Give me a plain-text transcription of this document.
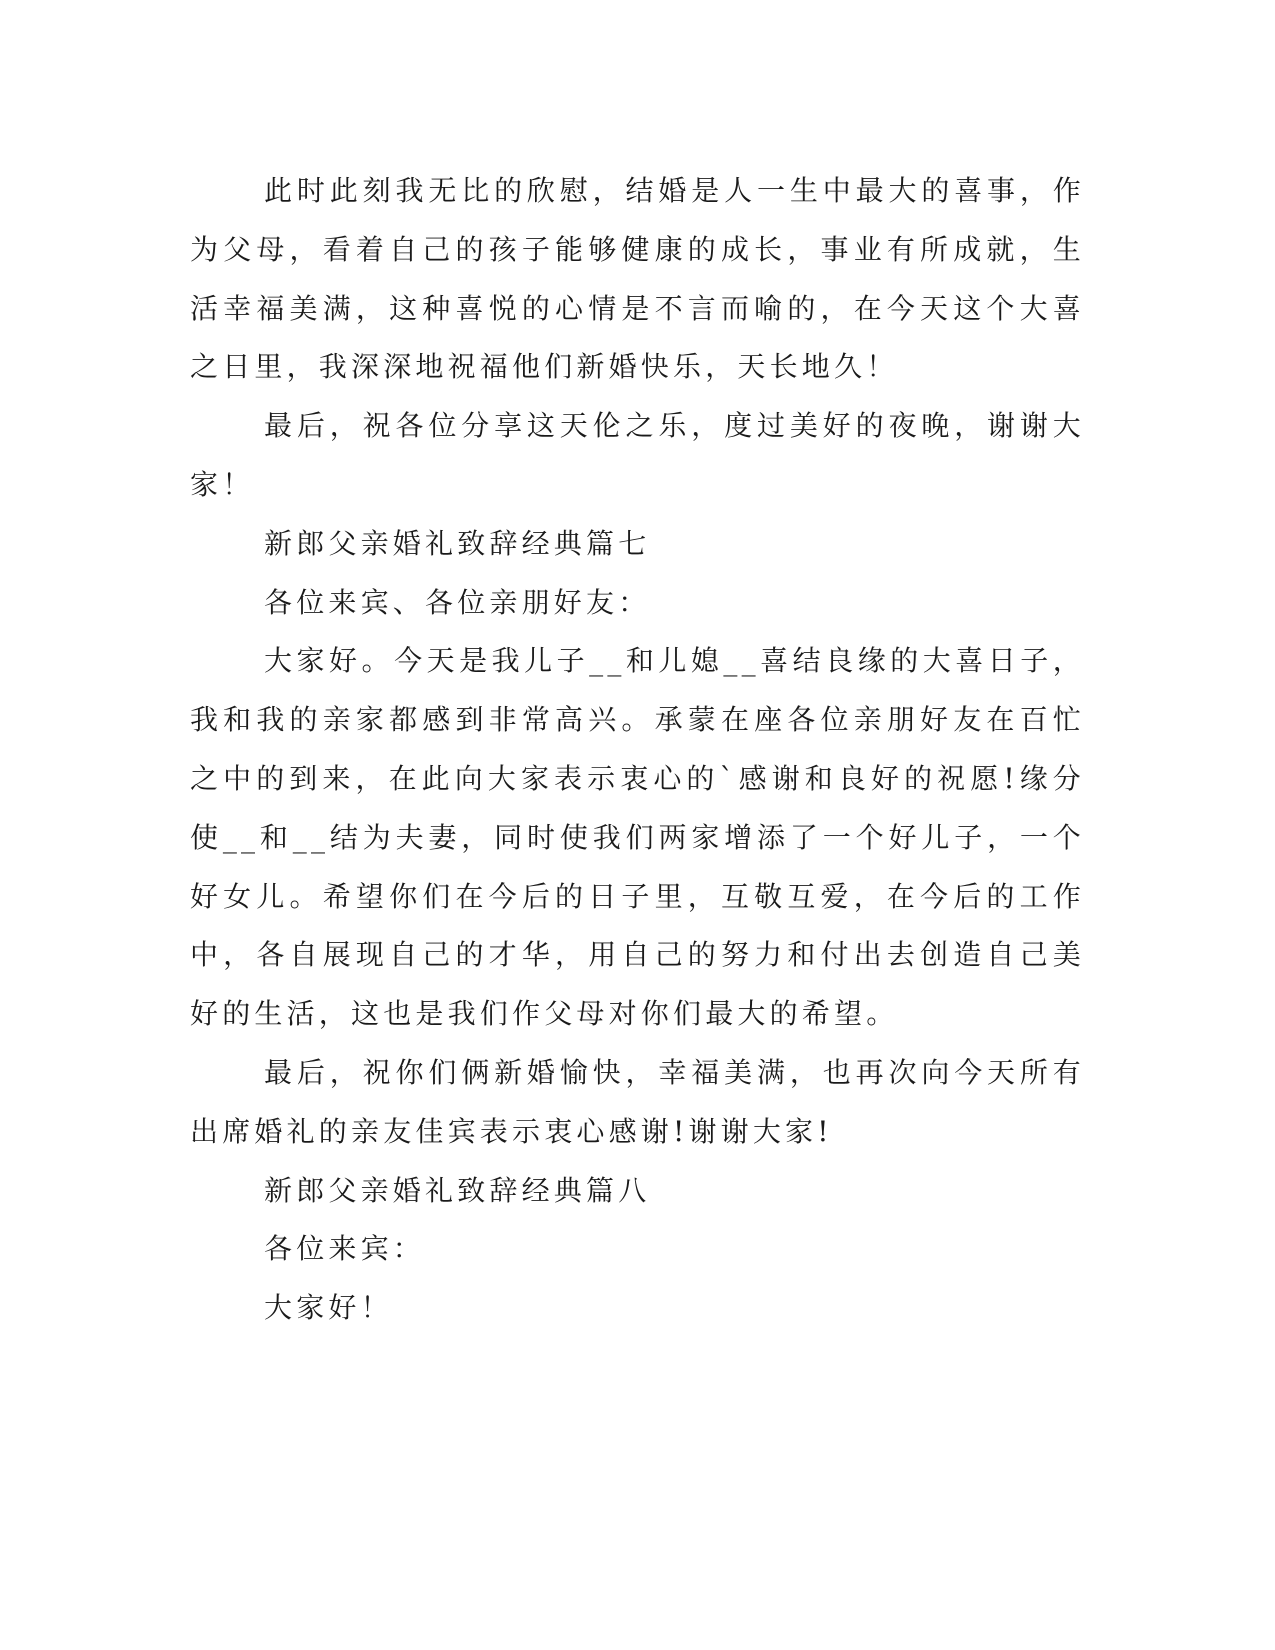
此时此刻我无比的欣慰，结婚是人一生中最大的喜事，作为父母，看着自己的孩子能够健康的成长，事业有所成就，生活幸福美满，这种喜悦的心情是不言而喻的，在今天这个大喜之日里，我深深地祝福他们新婚快乐，天长地久！

最后，祝各位分享这天伦之乐，度过美好的夜晚，谢谢大家！

新郎父亲婚礼致辞经典篇七

各位来宾、各位亲朋好友：

大家好。今天是我儿子__和儿媳__喜结良缘的大喜日子，我和我的亲家都感到非常高兴。承蒙在座各位亲朋好友在百忙之中的到来，在此向大家表示衷心的`感谢和良好的祝愿!缘分使__和__结为夫妻，同时使我们两家增添了一个好儿子，一个好女儿。希望你们在今后的日子里，互敬互爱，在今后的工作中，各自展现自己的才华，用自己的努力和付出去创造自己美好的生活，这也是我们作父母对你们最大的希望。

最后，祝你们俩新婚愉快，幸福美满，也再次向今天所有出席婚礼的亲友佳宾表示衷心感谢!谢谢大家!

新郎父亲婚礼致辞经典篇八

各位来宾：

大家好！
